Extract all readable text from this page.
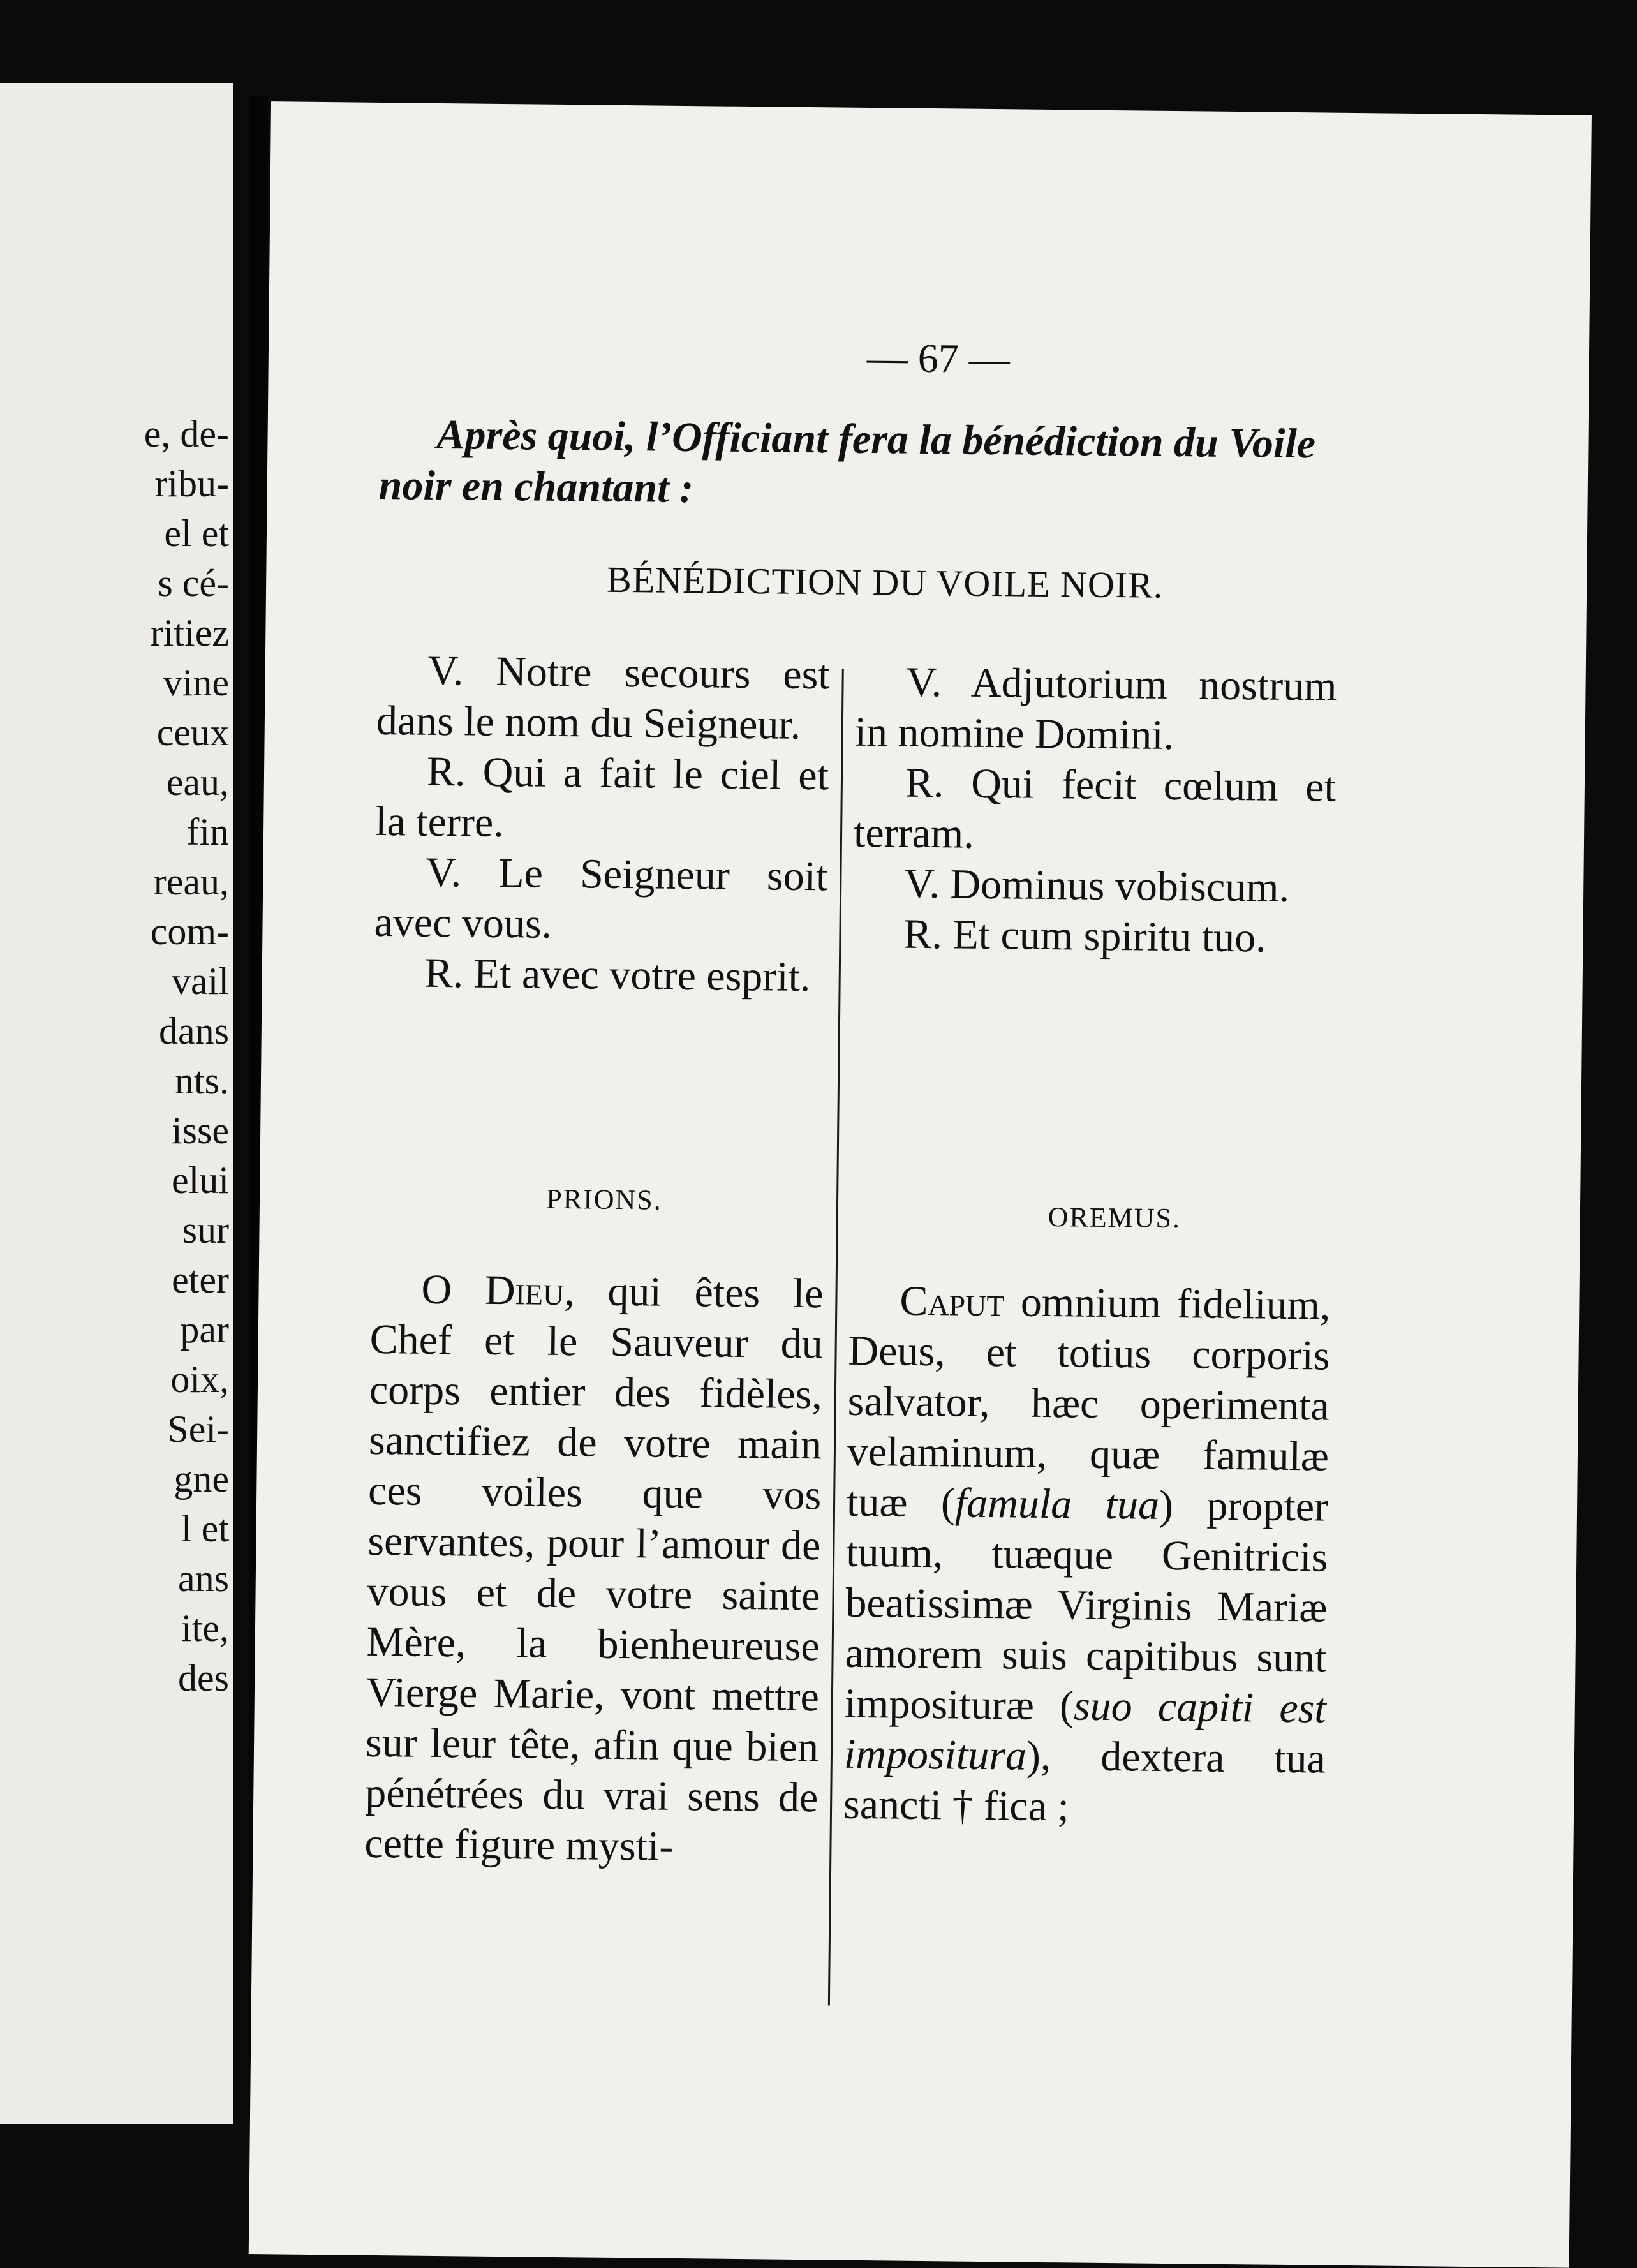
e, de-
ribu-
el et
s cé-
ritiez
vine
ceux
eau,
fin
reau,
com-
vail
dans
nts.
isse
elui
sur
eter
par
oix,
Sei-
gne
l et
ans
ite,
des
— 67 —
Après quoi, l’Officiant fera la bénédiction du Voile noir en chantant :
BÉNÉDICTION DU VOILE NOIR.

V. Notre secours est dans le nom du Seigneur.

R. Qui a fait le ciel et la terre.

V. Le Seigneur soit avec vous.

R. Et avec votre esprit.

V. Adjutorium nostrum in nomine Domini.

R. Qui fecit cœlum et terram.

V. Dominus vobiscum.

R. Et cum spiritu tuo.

PRIONS.
OREMUS.

O Dieu, qui êtes le Chef et le Sauveur du corps entier des fidèles, sanctifiez de votre main ces voiles que vos servantes, pour l’amour de vous et de votre sainte Mère, la bienheureuse Vierge Marie, vont mettre sur leur tête, afin que bien pénétrées du vrai sens de cette figure mysti-

Caput omnium fidelium, Deus, et totius corporis salvator, hæc operimenta velaminum, quæ famulæ tuæ (famula tua) propter tuum, tuæque Genitricis beatissimæ Virginis Mariæ amorem suis capitibus sunt imposituræ (suo capiti est impositura), dextera tua sancti † fica ;
